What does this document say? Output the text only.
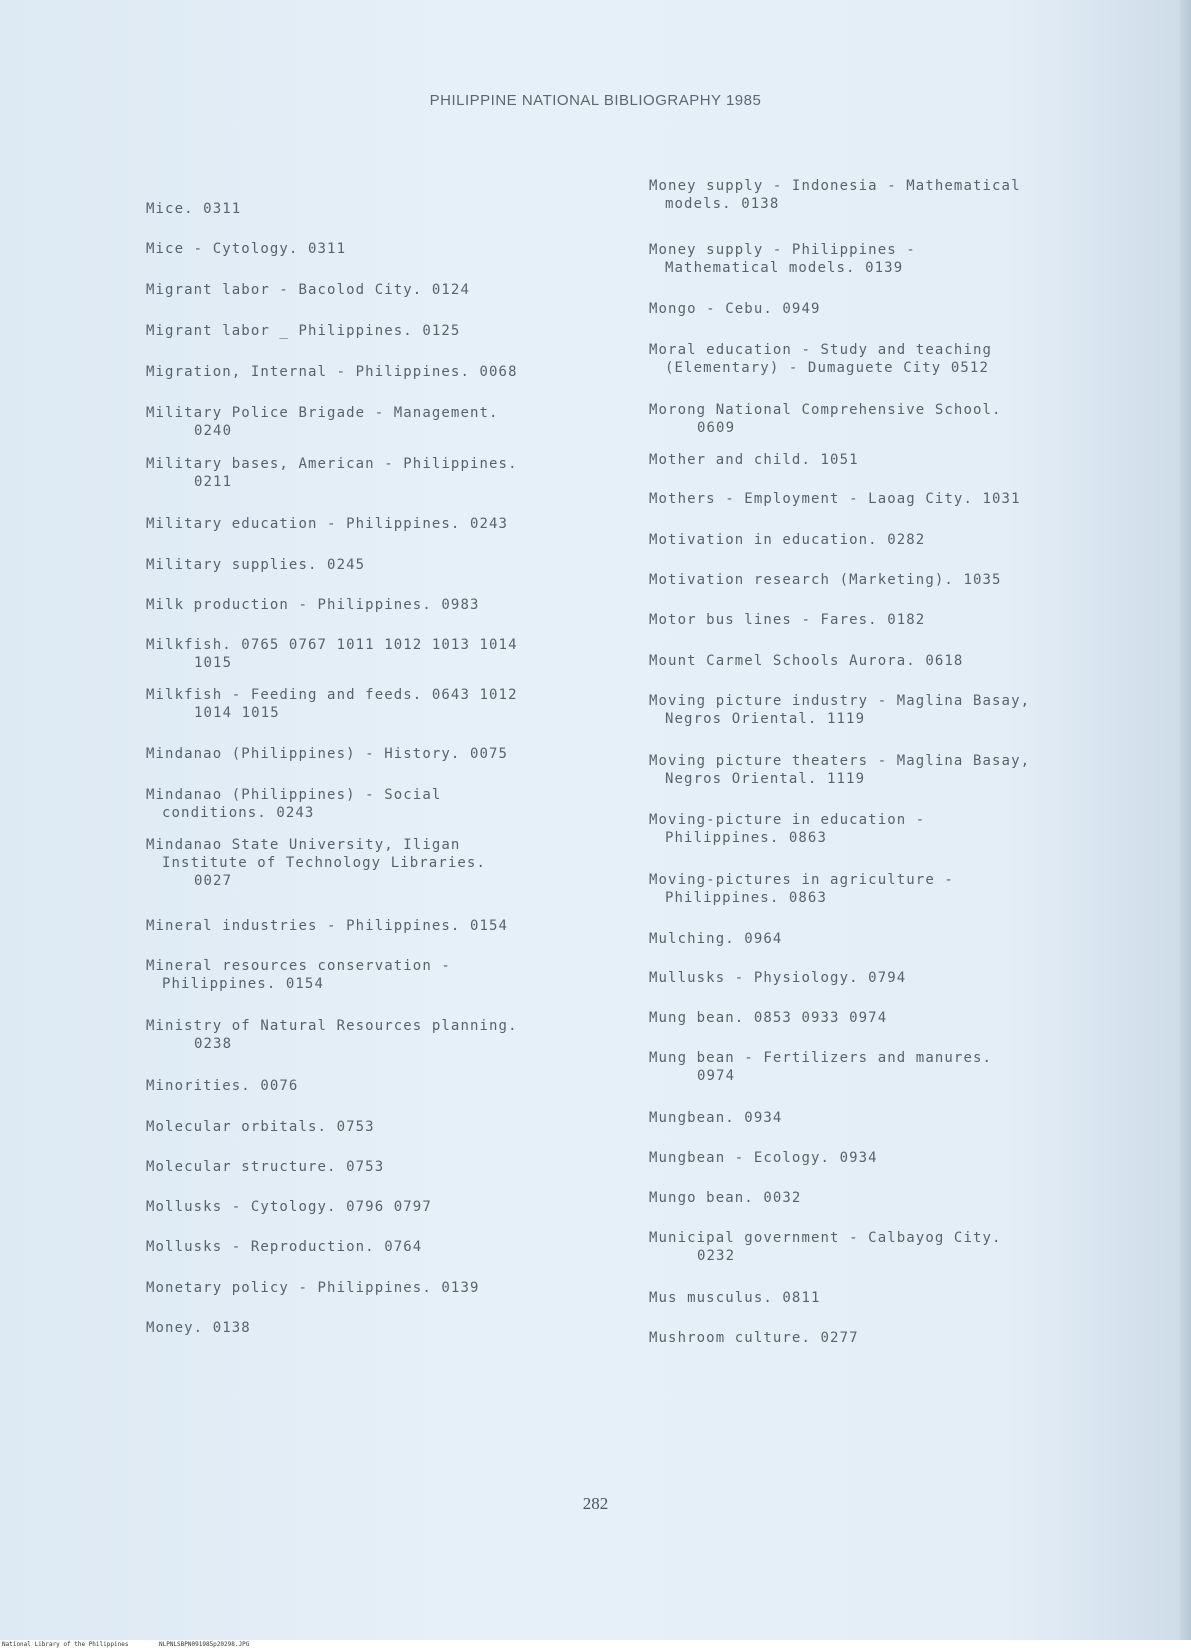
PHILIPPINE NATIONAL BIBLIOGRAPHY 1985
Mice. 0311
Mice - Cytology. 0311
Migrant labor - Bacolod City. 0124
Migrant labor _ Philippines. 0125
Migration, Internal - Philippines. 0068
Military Police Brigade - Management.
0240
Military bases, American - Philippines.
0211
Military education - Philippines. 0243
Military supplies. 0245
Milk production - Philippines. 0983
Milkfish. 0765 0767 1011 1012 1013 1014
1015
Milkfish - Feeding and feeds. 0643 1012
1014 1015
Mindanao (Philippines) - History. 0075
Mindanao (Philippines) - Social
conditions. 0243
Mindanao State University, Iligan
Institute of Technology Libraries.
0027
Mineral industries - Philippines. 0154
Mineral resources conservation -
Philippines. 0154
Ministry of Natural Resources planning.
0238
Minorities. 0076
Molecular orbitals. 0753
Molecular structure. 0753
Mollusks - Cytology. 0796 0797
Mollusks - Reproduction. 0764
Monetary policy - Philippines. 0139
Money. 0138
Money supply - Indonesia - Mathematical
models. 0138
Money supply - Philippines -
Mathematical models. 0139
Mongo - Cebu. 0949
Moral education - Study and teaching
(Elementary) - Dumaguete City 0512
Morong National Comprehensive School.
0609
Mother and child. 1051
Mothers - Employment - Laoag City. 1031
Motivation in education. 0282
Motivation research (Marketing). 1035
Motor bus lines - Fares. 0182
Mount Carmel Schools Aurora. 0618
Moving picture industry - Maglina Basay,
Negros Oriental. 1119
Moving picture theaters - Maglina Basay,
Negros Oriental. 1119
Moving-picture in education -
Philippines. 0863
Moving-pictures in agriculture -
Philippines. 0863
Mulching. 0964
Mullusks - Physiology. 0794
Mung bean. 0853 0933 0974
Mung bean - Fertilizers and manures.
0974
Mungbean. 0934
Mungbean - Ecology. 0934
Mungo bean. 0032
Municipal government - Calbayog City.
0232
Mus musculus. 0811
Mushroom culture. 0277
282
National Library of the Philippines	NLPNLSBPN091985p20298.JPG
